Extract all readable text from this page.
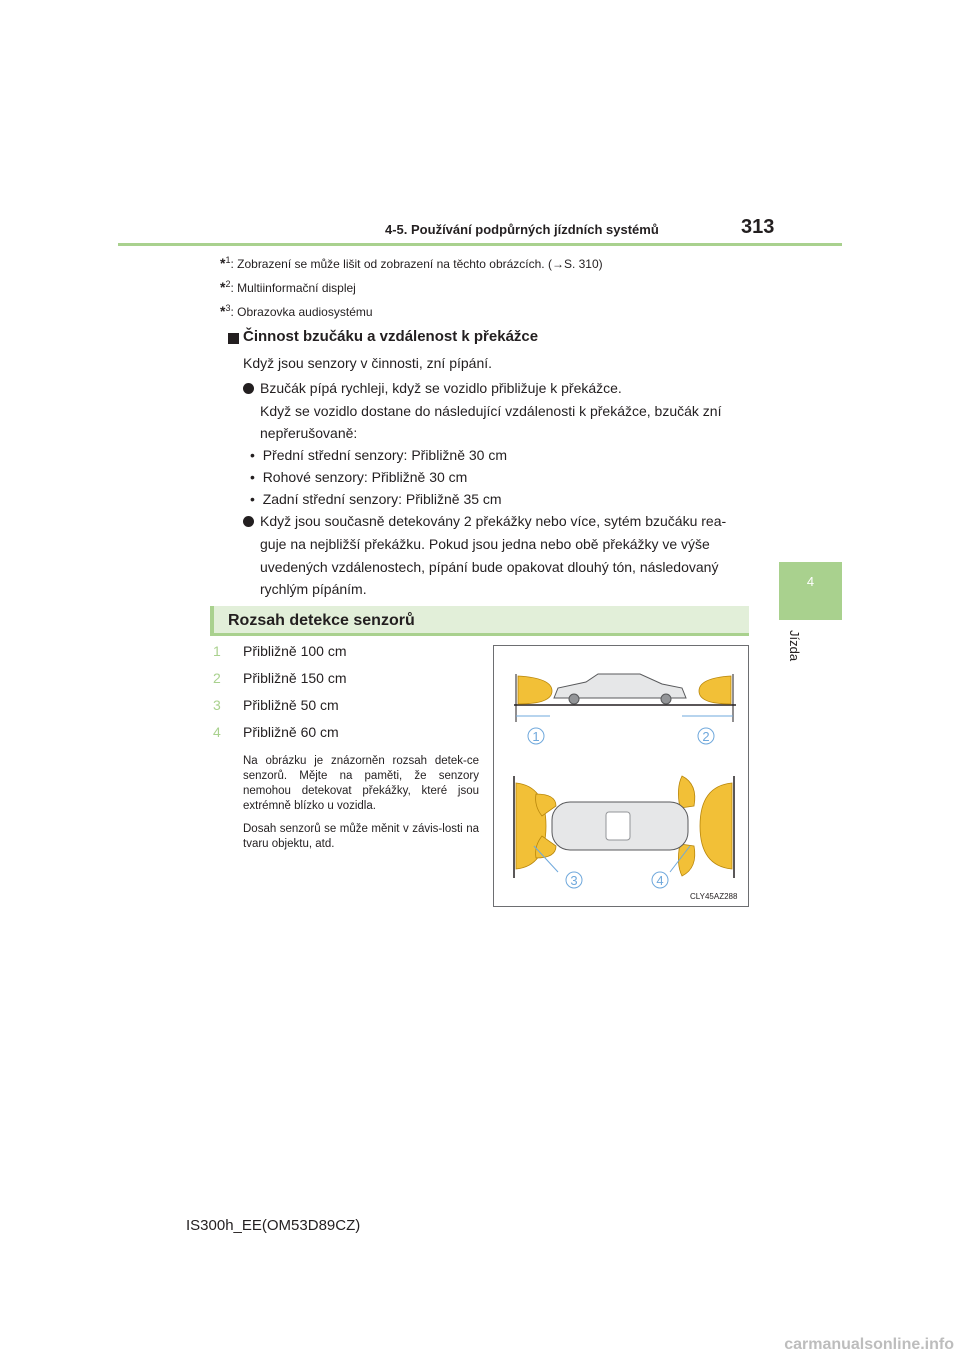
4-5. Používání podpůrných jízdních systémů	313
4
Jízda
*$^1$: Zobrazení se může lišit od zobrazení na těchto obrázcích. (→S. 310)
*$^2$: Multiinformační displej
*$^3$: Obrazovka audiosystému
Činnost bzučáku a vzdálenost k překážce
Když jsou senzory v činnosti, zní pípání.
Bzučák pípá rychleji, když se vozidlo přibližuje k překážce.
Když se vozidlo dostane do následující vzdálenosti k překážce, bzučák zní
nepřerušovaně:
•  Přední střední senzory: Přibližně 30 cm
•  Rohové senzory: Přibližně 30 cm
•  Zadní střední senzory: Přibližně 35 cm
Když jsou současně detekovány 2 překážky nebo více, sytém bzučáku rea-
guje na nejbližší překážku. Pokud jsou jedna nebo obě překážky ve výše
uvedených vzdálenostech, pípání bude opakovat dlouhý tón, následovaný
rychlým pípáním.
Rozsah detekce senzorů
1 Přibližně 100 cm
2 Přibližně 150 cm
3 Přibližně 50 cm
4 Přibližně 60 cm
Na obrázku je znázorněn rozsah detek-ce senzorů. Mějte na paměti, že senzory nemohou detekovat překážky, které jsou extrémně blízko u vozidla.
Dosah senzorů se může měnit v závis-losti na tvaru objektu, atd.
1	2
3	4
CLY45AZ288
IS300h_EE(OM53D89CZ)
carmanualsonline.info
